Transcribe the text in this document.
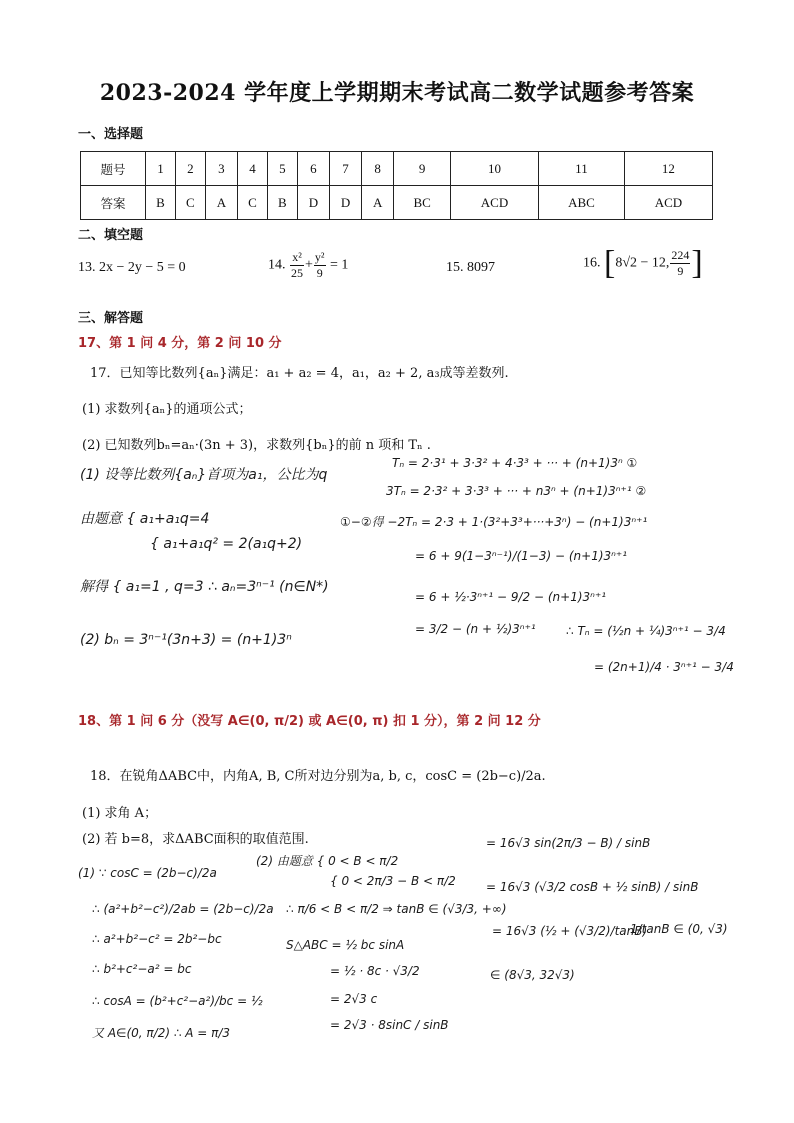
2023-2024 学年度上学期期末考试高二数学试题参考答案
一、选择题
题号	1	2	3	4	5	6	7	8	9	10	11	12
答案	B	C	A	C	B	D	D	A	BC	ACD	ABC	ACD
二、填空题
13. 2x − 2y − 5 = 0	14. $\frac{\text{x²}}{25} + \frac{\text{y²}}{9} = 1$	15. 8097	16. [8√2 − 12, $\frac{224}{9}$ ]
三、解答题
17、第 1 问 4 分，第 2 问 10 分
17．已知等比数列{aₙ}满足：a₁ + a₂ = 4，a₁，a₂ + 2, a₃成等差数列.
(1) 求数列{aₙ}的通项公式；
(2) 已知数列bₙ=aₙ·(3n + 3)，求数列{bₙ}的前 n 项和 Tₙ .
(1) 设等比数列{aₙ}首项为a₁，公比为q
由题意 { a₁+a₁q=4
{ a₁+a₁q² = 2(a₁q+2)
解得 { a₁=1 , q=3 ∴ aₙ=3ⁿ⁻¹ (n∈N*)
(2) bₙ = 3ⁿ⁻¹(3n+3) = (n+1)3ⁿ
Tₙ = 2·3¹ + 3·3² + 4·3³ + ··· + (n+1)3ⁿ ①
3Tₙ = 2·3² + 3·3³ + ··· + n3ⁿ + (n+1)3ⁿ⁺¹ ②
①−②得 −2Tₙ = 2·3 + 1·(3²+3³+···+3ⁿ) − (n+1)3ⁿ⁺¹
= 6 + 9(1−3ⁿ⁻¹)/(1−3) − (n+1)3ⁿ⁺¹
= 6 + ½·3ⁿ⁺¹ − 9/2 − (n+1)3ⁿ⁺¹
= 3/2 − (n + ½)3ⁿ⁺¹	∴ Tₙ = (½n + ¼)3ⁿ⁺¹ − 3/4
= (2n+1)/4 · 3ⁿ⁺¹ − 3/4
18、第 1 问 6 分（没写 A∈(0, π/2) 或 A∈(0, π) 扣 1 分），第 2 问 12 分
18．在锐角ΔABC中，内角A, B, C所对边分别为a, b, c，cosC = (2b−c)/2a.
(1) 求角 A；
(2) 若 b=8，求ΔABC面积的取值范围.
(1) ∵ cosC = (2b−c)/2a
∴ (a²+b²−c²)/2ab = (2b−c)/2a
∴ a²+b²−c² = 2b²−bc
∴ b²+c²−a² = bc
∴ cosA = (b²+c²−a²)/bc = ½
又 A∈(0, π/2) ∴ A = π/3
(2) 由题意 { 0 < B < π/2
{ 0 < 2π/3 − B < π/2
∴ π/6 < B < π/2 ⇒ tanB ∈ (√3/3, +∞)
S△ABC = ½ bc sinA
= ½ · 8c · √3/2
= 2√3 c
= 2√3 · 8sinC / sinB
= 16√3 sin(2π/3 − B) / sinB
= 16√3 (√3/2 cosB + ½ sinB) / sinB
= 16√3 (½ + (√3/2)/tanB)
1/tanB ∈ (0, √3)
∈ (8√3, 32√3)
